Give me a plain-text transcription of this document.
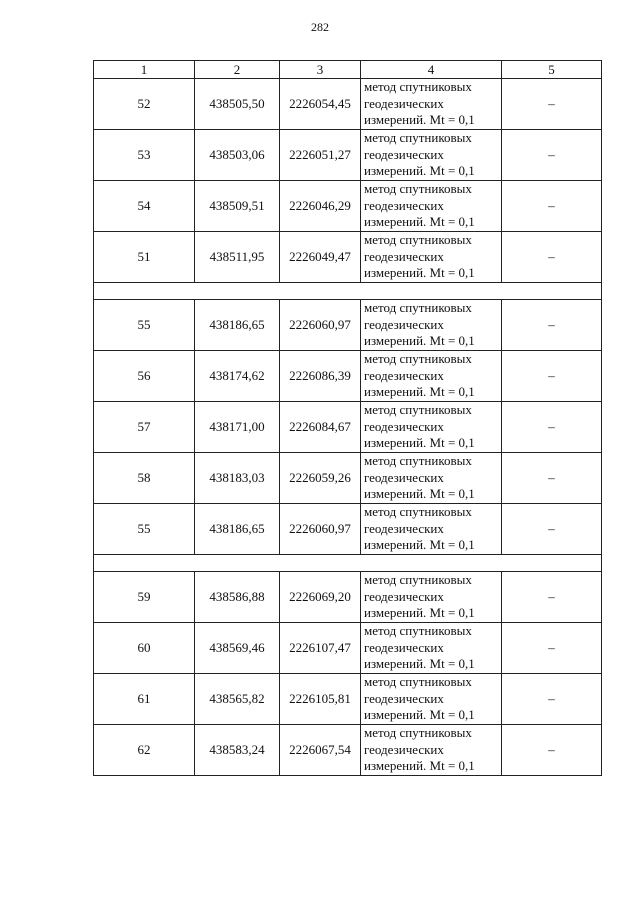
282
1	2	3	4	5
52	438505,50	2226054,45	метод спутниковых
геодезических
измерений. Mt = 0,1	–
53	438503,06	2226051,27	метод спутниковых
геодезических
измерений. Mt = 0,1	–
54	438509,51	2226046,29	метод спутниковых
геодезических
измерений. Mt = 0,1	–
51	438511,95	2226049,47	метод спутниковых
геодезических
измерений. Mt = 0,1	–

55	438186,65	2226060,97	метод спутниковых
геодезических
измерений. Mt = 0,1	–
56	438174,62	2226086,39	метод спутниковых
геодезических
измерений. Mt = 0,1	–
57	438171,00	2226084,67	метод спутниковых
геодезических
измерений. Mt = 0,1	–
58	438183,03	2226059,26	метод спутниковых
геодезических
измерений. Mt = 0,1	–
55	438186,65	2226060,97	метод спутниковых
геодезических
измерений. Mt = 0,1	–

59	438586,88	2226069,20	метод спутниковых
геодезических
измерений. Mt = 0,1	–
60	438569,46	2226107,47	метод спутниковых
геодезических
измерений. Mt = 0,1	–
61	438565,82	2226105,81	метод спутниковых
геодезических
измерений. Mt = 0,1	–
62	438583,24	2226067,54	метод спутниковых
геодезических
измерений. Mt = 0,1	–
